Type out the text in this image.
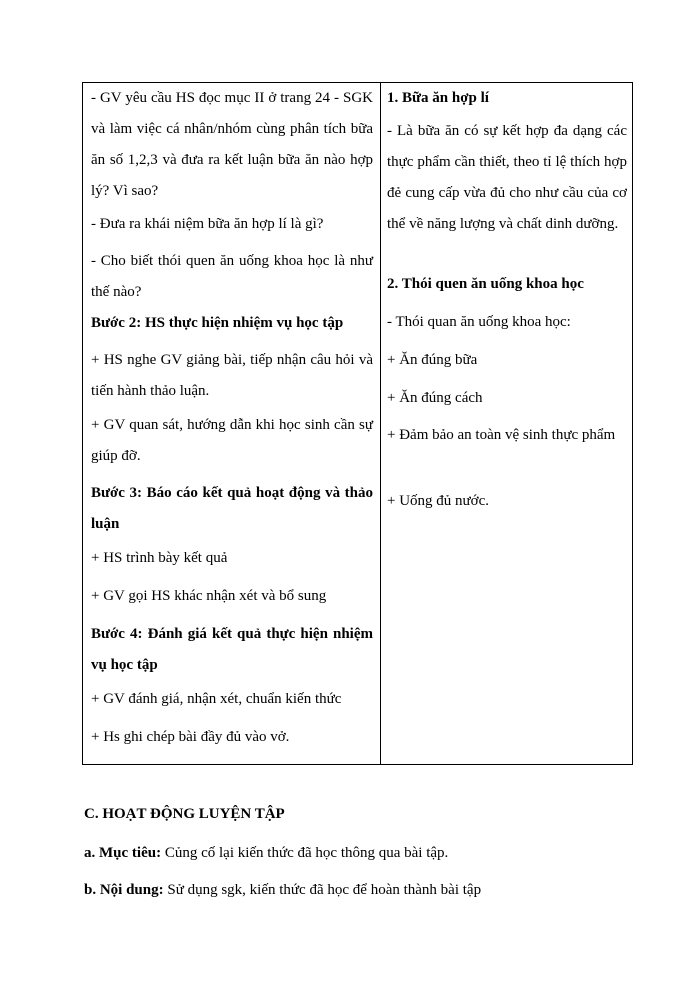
- GV yêu cầu HS đọc mục II ở trang 24 - SGK và làm việc cá nhân/nhóm cùng phân tích bữa ăn số 1,2,3 và đưa ra kết luận bữa ăn nào hợp lý? Vì sao?

- Đưa ra khái niệm bữa ăn hợp lí là gì?

- Cho biết thói quen ăn uống khoa học là như thế nào?

Bước 2: HS thực hiện nhiệm vụ học tập

+ HS nghe GV giảng bài, tiếp nhận câu hỏi và tiến hành thảo luận.

+ GV quan sát, hướng dẫn khi học sinh cần sự giúp đỡ.

Bước 3: Báo cáo kết quả hoạt động và thảo luận

+ HS trình bày kết quả

+ GV gọi HS khác nhận xét và bổ sung

Bước 4: Đánh giá kết quả thực hiện nhiệm vụ học tập

+ GV đánh giá, nhận xét, chuẩn kiến thức

+ Hs ghi chép bài đầy đủ vào vở.

1. Bữa ăn hợp lí

- Là bữa ăn có sự kết hợp đa dạng các thực phẩm cần thiết, theo tỉ lệ thích hợp đẻ cung cấp vừa đủ cho như cầu của cơ thể về năng lượng và chất dinh dưỡng.

2. Thói quen ăn uống khoa học

- Thói quan ăn uống khoa học:

+ Ăn đúng bữa

+ Ăn đúng cách

+ Đảm bảo an toàn vệ sinh thực phẩm

+ Uống đủ nước.

C. HOẠT ĐỘNG LUYỆN TẬP

a. Mục tiêu: Củng cố lại kiến thức đã học thông qua bài tập.

b. Nội dung: Sử dụng sgk, kiến thức đã học để hoàn thành bài tập
